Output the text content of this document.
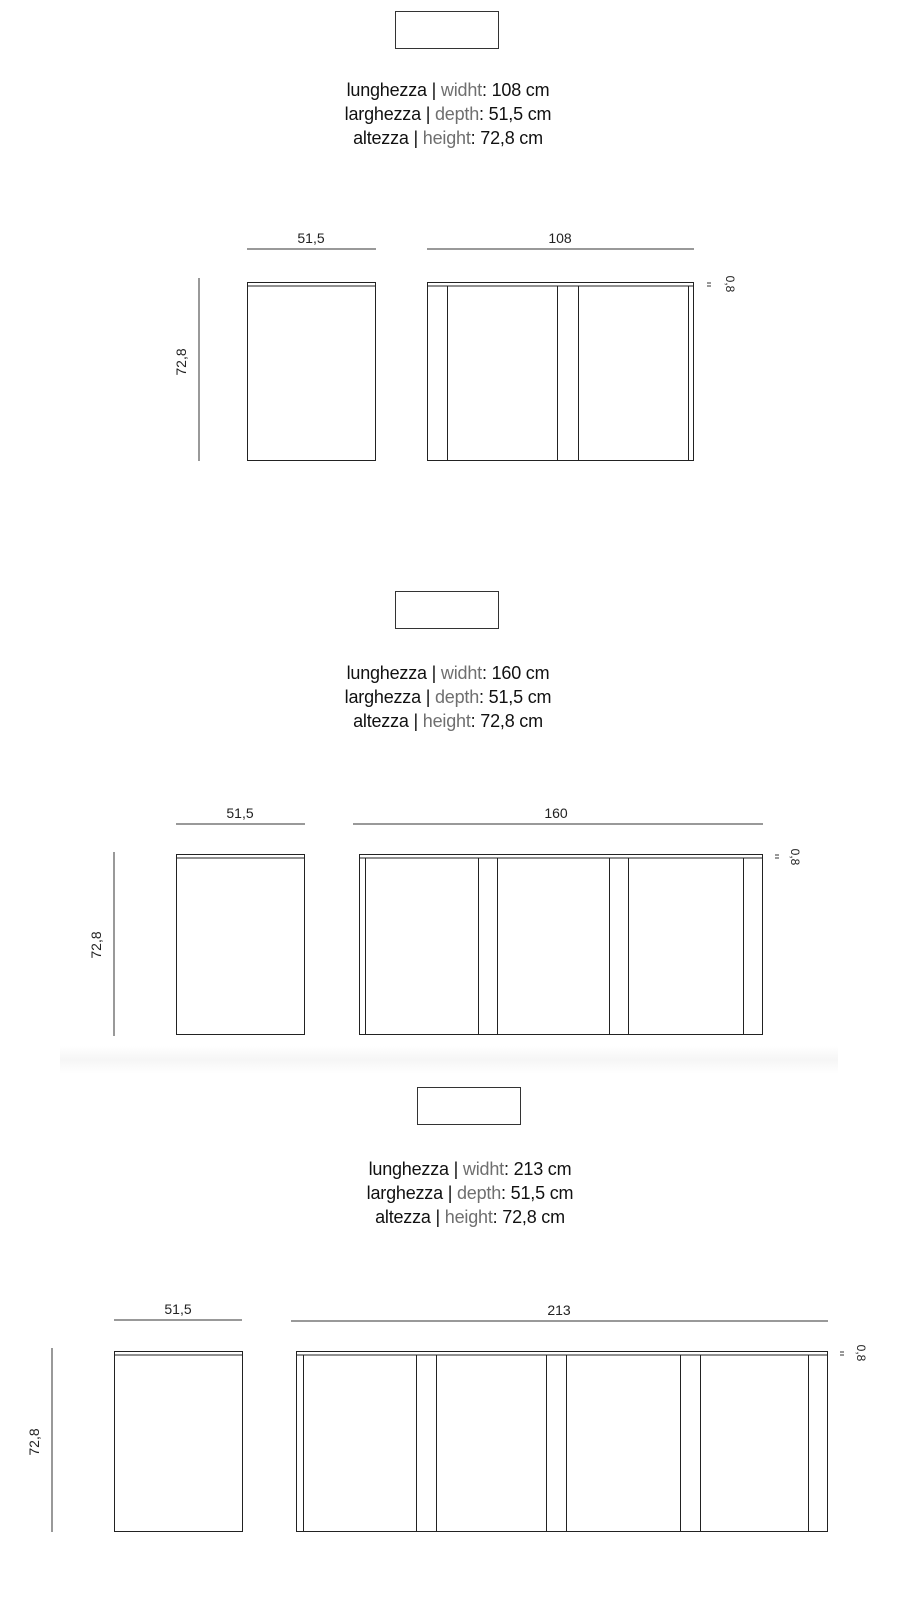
lunghezza | widht: 108 cm
larghezza | depth: 51,5 cm
altezza | height: 72,8 cm
51,5
72,8
108
0,8
lunghezza | widht: 160 cm
larghezza | depth: 51,5 cm
altezza | height: 72,8 cm
51,5
72,8
160
0,8
lunghezza | widht: 213 cm
larghezza | depth: 51,5 cm
altezza | height: 72,8 cm
51,5
72,8
213
0,8
